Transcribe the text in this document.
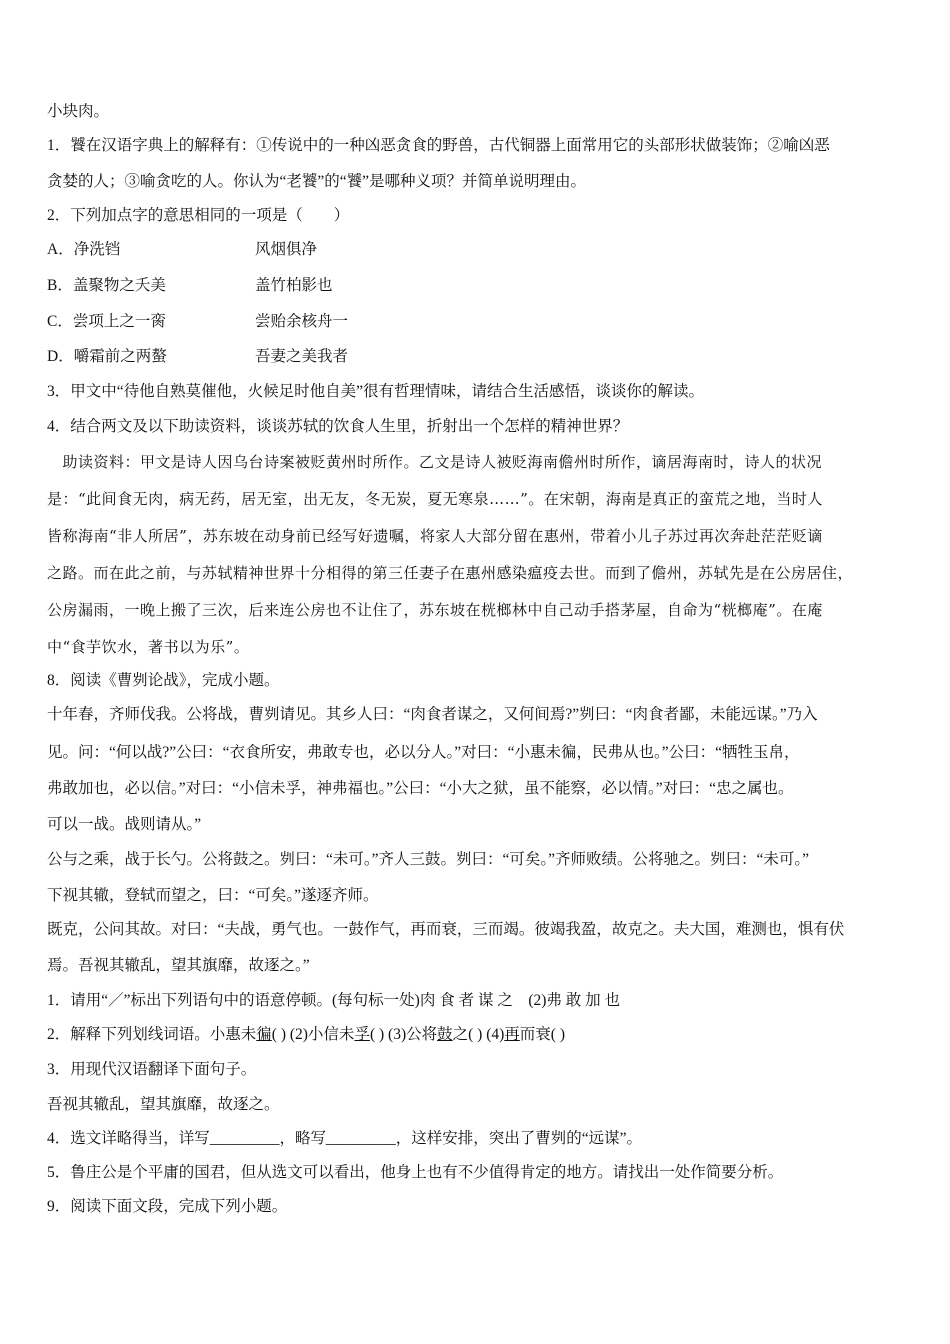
小块肉。
1．饕在汉语字典上的解释有：①传说中的一种凶恶贪食的野兽，古代铜器上面常用它的头部形状做装饰；②喻凶恶
贪婪的人；③喻贪吃的人。你认为“老饕”的“饕”是哪种义项？并简单说明理由。
2．下列加点字的意思相同的一项是（　　）
A．净洗铛	风烟俱净
B．盖聚物之夭美	盖竹柏影也
C．尝项上之一脔	尝贻余核舟一
D．嚼霜前之两螯	吾妻之美我者
3．甲文中“待他自熟莫催他，火候足时他自美”很有哲理情味，请结合生活感悟，谈谈你的解读。
4．结合两文及以下助读资料，谈谈苏轼的饮食人生里，折射出一个怎样的精神世界？
　助读资料：甲文是诗人因乌台诗案被贬黄州时所作。乙文是诗人被贬海南儋州时所作，谪居海南时，诗人的状况
是：“此间食无肉，病无药，居无室，出无友，冬无炭，夏无寒泉……”。在宋朝，海南是真正的蛮荒之地，当时人
皆称海南“非人所居”，苏东坡在动身前已经写好遗嘱，将家人大部分留在惠州，带着小儿子苏过再次奔赴茫茫贬谪
之路。而在此之前，与苏轼精神世界十分相得的第三任妻子在惠州感染瘟疫去世。而到了儋州，苏轼先是在公房居住，
公房漏雨，一晚上搬了三次，后来连公房也不让住了，苏东坡在桄榔林中自己动手搭茅屋，自命为“桄榔庵”。在庵
中“食芋饮水，著书以为乐”。
8．阅读《曹刿论战》，完成小题。
十年春，齐师伐我。公将战，曹刿请见。其乡人曰：“肉食者谋之，又何间焉?”刿曰：“肉食者鄙，未能远谋。”乃入
见。问：“何以战?”公曰：“衣食所安，弗敢专也，必以分人。”对曰：“小惠未徧，民弗从也。”公曰：“牺牲玉帛，
弗敢加也，必以信。”对曰：“小信未孚，神弗福也。”公曰：“小大之狱，虽不能察，必以情。”对曰：“忠之属也。
可以一战。战则请从。”
公与之乘，战于长勺。公将鼓之。刿曰：“未可。”齐人三鼓。刿曰：“可矣。”齐师败绩。公将驰之。刿曰：“未可。”
下视其辙，登轼而望之，曰：“可矣。”遂逐齐师。
既克，公问其故。对曰：“夫战，勇气也。一鼓作气，再而衰，三而竭。彼竭我盈，故克之。夫大国，难测也，惧有伏
焉。吾视其辙乱，望其旗靡，故逐之。”
1．请用“／”标出下列语句中的语意停顿。(每句标一处)肉 食 者 谋 之　(2)弗 敢 加 也
2．解释下列划线词语。小惠未徧( ) (2)小信未孚( ) (3)公将鼓之( ) (4)再而衰( )
3．用现代汉语翻译下面句子。
吾视其辙乱，望其旗靡，故逐之。
4．选文详略得当，详写_________，略写_________，这样安排，突出了曹刿的“远谋”。
5．鲁庄公是个平庸的国君，但从选文可以看出，他身上也有不少值得肯定的地方。请找出一处作简要分析。
9．阅读下面文段，完成下列小题。
